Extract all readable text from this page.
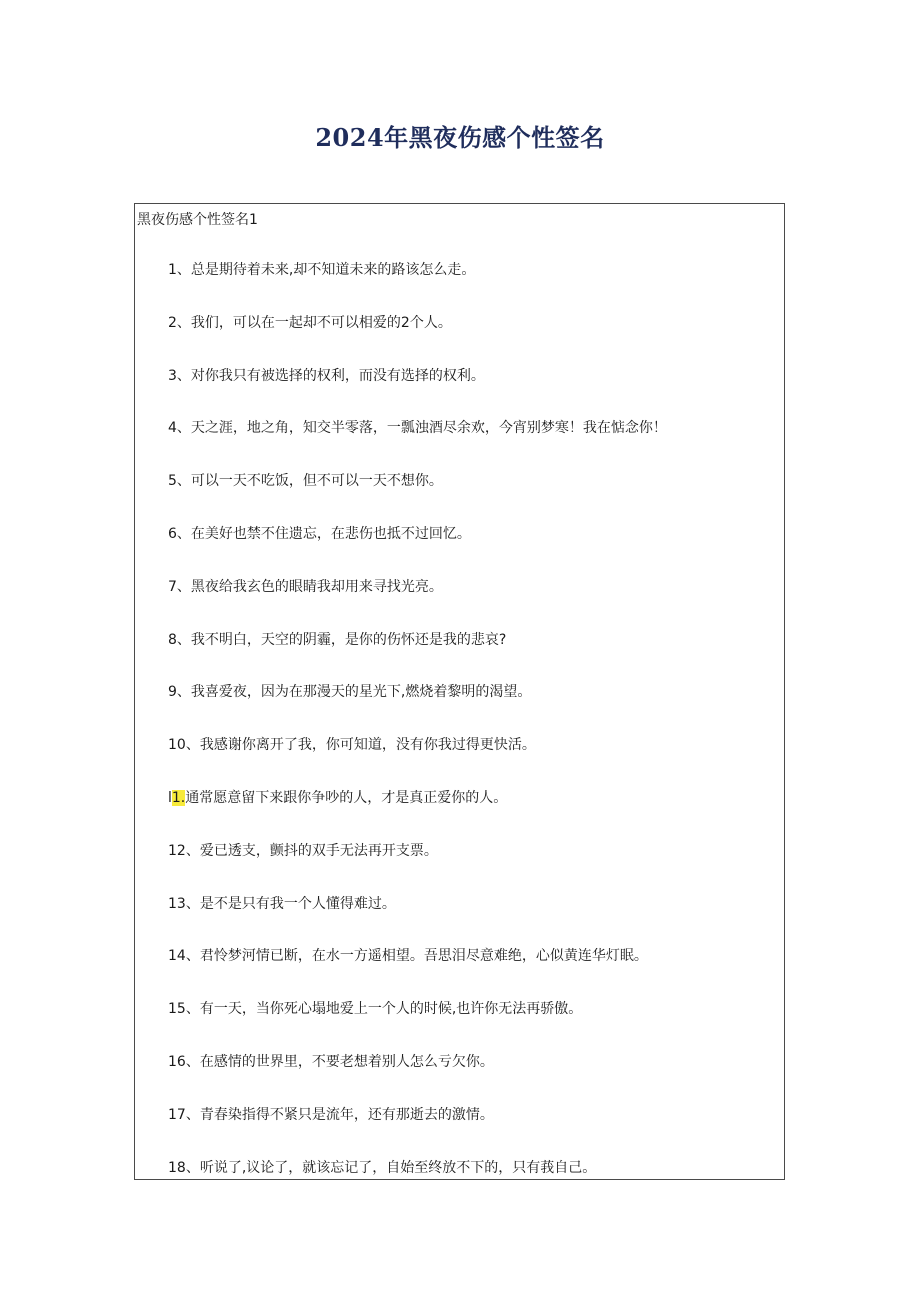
2024年黑夜伤感个性签名
黑夜伤感个性签名1
1、总是期待着未来,却不知道未来的路该怎么走。
2、我们，可以在一起却不可以相爱的2个人。
3、对你我只有被选择的权利，而没有选择的权利。
4、天之涯，地之角，知交半零落，一瓢浊酒尽余欢，今宵别梦寒！我在惦念你！
5、可以一天不吃饭，但不可以一天不想你。
6、在美好也禁不住遗忘，在悲伤也抵不过回忆。
7、黑夜给我玄色的眼睛我却用来寻找光亮。
8、我不明白，天空的阴霾，是你的伤怀还是我的悲哀?
9、我喜爱夜，因为在那漫天的星光下,燃烧着黎明的渴望。
10、我感谢你离开了我，你可知道，没有你我过得更快活。
l1.通常愿意留下来跟你争吵的人，才是真正爱你的人。
12、爱已透支，颤抖的双手无法再开支票。
13、是不是只有我一个人懂得难过。
14、君怜梦河情已断，在水一方遥相望。吾思泪尽意难绝，心似黄连华灯眠。
15、有一天，当你死心塌地爱上一个人的时候,也许你无法再骄傲。
16、在感情的世界里，不要老想着别人怎么亏欠你。
17、青春染指得不紧只是流年，还有那逝去的激情。
18、听说了,议论了，就该忘记了，自始至终放不下的，只有莪自己。
